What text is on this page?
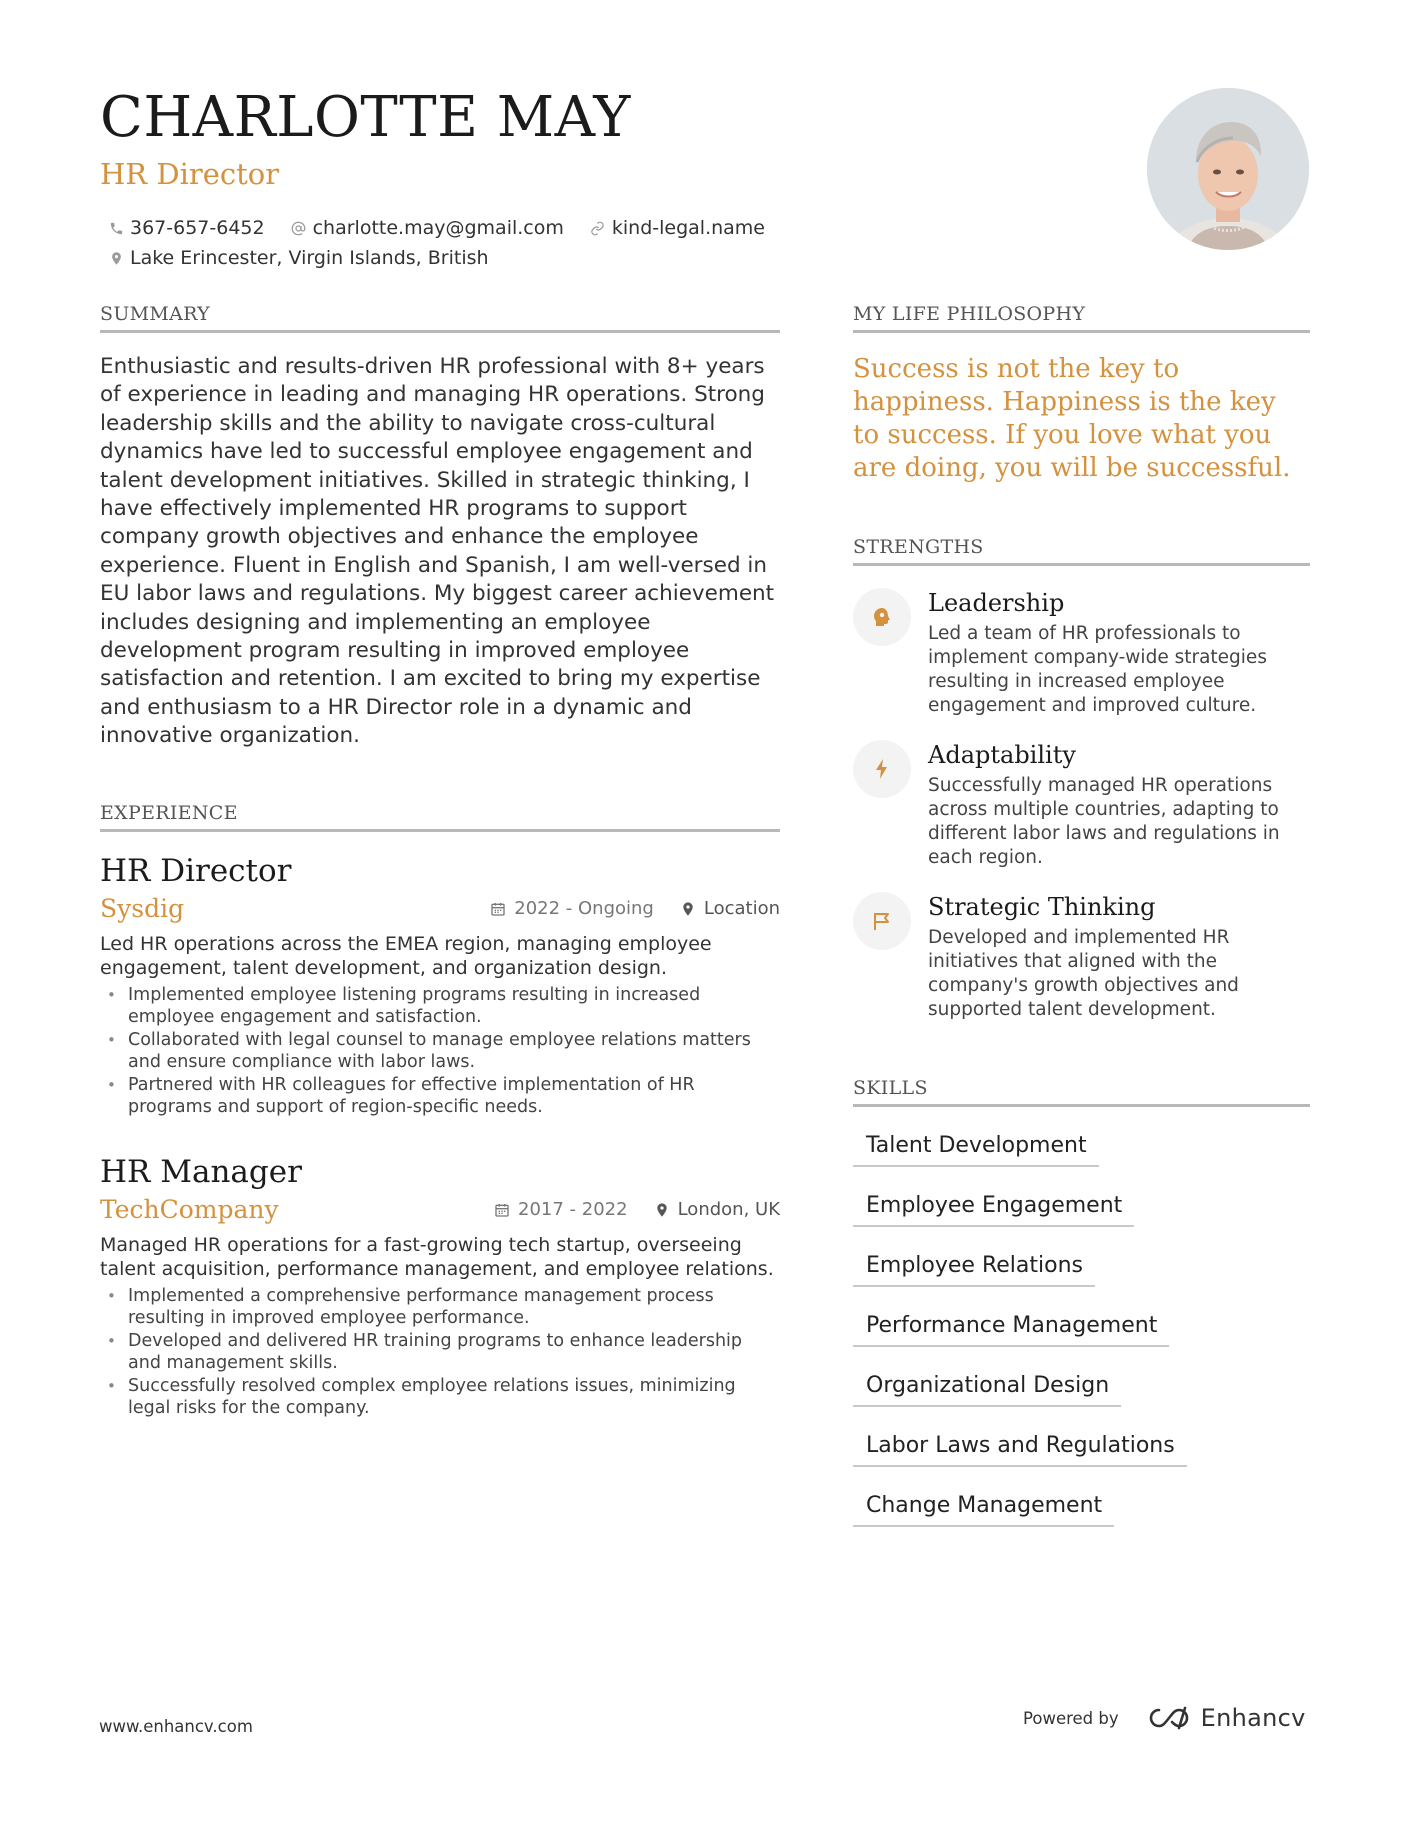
CHARLOTTE MAY
HR Director
367-657-6452	charlotte.may@gmail.com	kind-legal.name
Lake Erincester, Virgin Islands, British
SUMMARY
Enthusiastic and results-driven HR professional with 8+ years of experience in leading and managing HR operations. Strong leadership skills and the ability to navigate cross-cultural dynamics have led to successful employee engagement and talent development initiatives. Skilled in strategic thinking, I have effectively implemented HR programs to support company growth objectives and enhance the employee experience. Fluent in English and Spanish, I am well-versed in EU labor laws and regulations. My biggest career achievement includes designing and implementing an employee development program resulting in improved employee satisfaction and retention. I am excited to bring my expertise and enthusiasm to a HR Director role in a dynamic and innovative organization.
EXPERIENCE
HR Director
Sysdig	2022 - Ongoing	Location
Led HR operations across the EMEA region, managing employee engagement, talent development, and organization design.
• Implemented employee listening programs resulting in increased employee engagement and satisfaction.
• Collaborated with legal counsel to manage employee relations matters and ensure compliance with labor laws.
• Partnered with HR colleagues for effective implementation of HR programs and support of region-specific needs.
HR Manager
TechCompany	2017 - 2022	London, UK
Managed HR operations for a fast-growing tech startup, overseeing talent acquisition, performance management, and employee relations.
• Implemented a comprehensive performance management process resulting in improved employee performance.
• Developed and delivered HR training programs to enhance leadership and management skills.
• Successfully resolved complex employee relations issues, minimizing legal risks for the company.
MY LIFE PHILOSOPHY
Success is not the key to happiness. Happiness is the key to success. If you love what you are doing, you will be successful.
STRENGTHS
Leadership
Led a team of HR professionals to implement company-wide strategies resulting in increased employee engagement and improved culture.
Adaptability
Successfully managed HR operations across multiple countries, adapting to different labor laws and regulations in each region.
Strategic Thinking
Developed and implemented HR initiatives that aligned with the company's growth objectives and supported talent development.
SKILLS
Talent Development
Employee Engagement
Employee Relations
Performance Management
Organizational Design
Labor Laws and Regulations
Change Management
www.enhancv.com	Powered by	Enhancv
